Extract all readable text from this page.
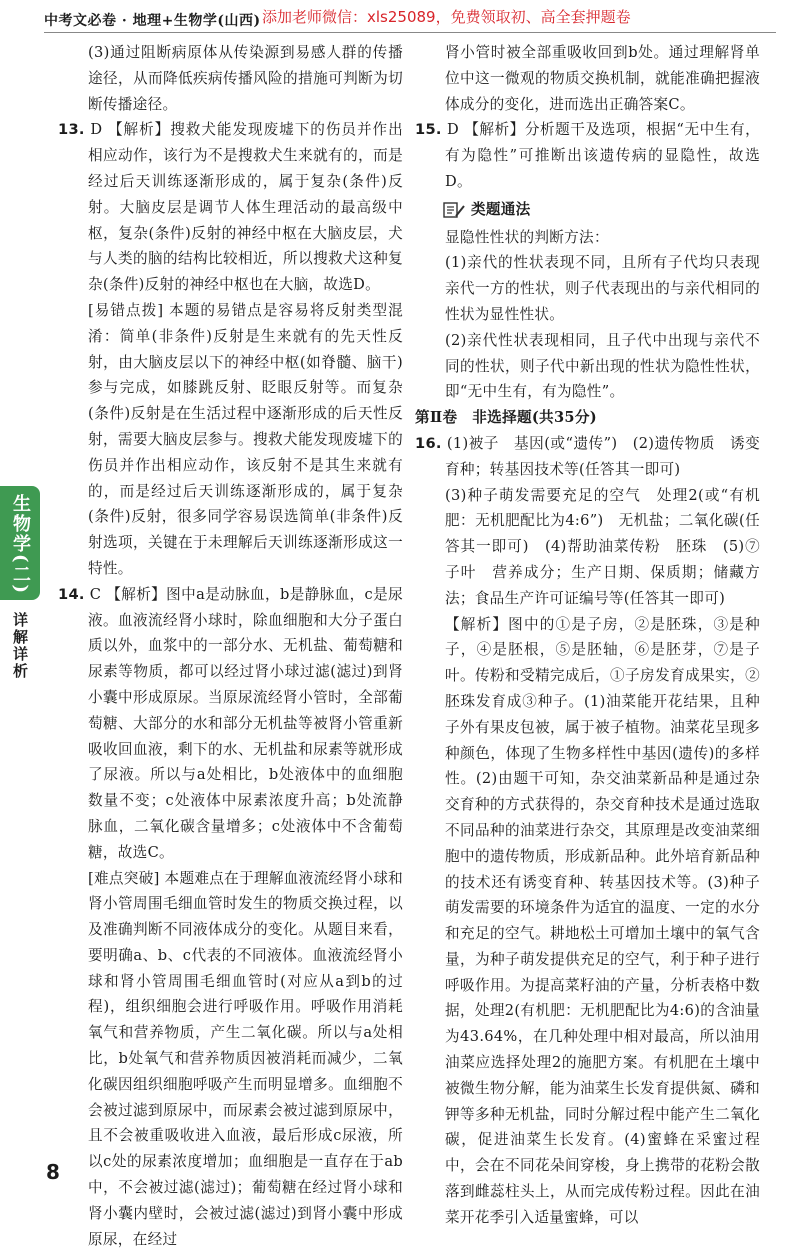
中考文必卷 · 地理+生物学(山西) 添加老师微信：xls25089，免费领取初、高全套押题卷
生物学(二)
详解详析

(3)通过阻断病原体从传染源到易感人群的传播途径，从而降低疾病传播风险的措施可判断为切断传播途径。

13. D 【解析】搜救犬能发现废墟下的伤员并作出相应动作，该行为不是搜救犬生来就有的，而是经过后天训练逐渐形成的，属于复杂(条件)反射。大脑皮层是调节人体生理活动的最高级中枢，复杂(条件)反射的神经中枢在大脑皮层，犬与人类的脑的结构比较相近，所以搜救犬这种复杂(条件)反射的神经中枢也在大脑，故选D。

[易错点拨] 本题的易错点是容易将反射类型混淆：简单(非条件)反射是生来就有的先天性反射，由大脑皮层以下的神经中枢(如脊髓、脑干)参与完成，如膝跳反射、眨眼反射等。而复杂(条件)反射是在生活过程中逐渐形成的后天性反射，需要大脑皮层参与。搜救犬能发现废墟下的伤员并作出相应动作，该反射不是其生来就有的，而是经过后天训练逐渐形成的，属于复杂(条件)反射，很多同学容易误选简单(非条件)反射选项，关键在于未理解后天训练逐渐形成这一特性。

14. C 【解析】图中a是动脉血，b是静脉血，c是尿液。血液流经肾小球时，除血细胞和大分子蛋白质以外，血浆中的一部分水、无机盐、葡萄糖和尿素等物质，都可以经过肾小球过滤(滤过)到肾小囊中形成原尿。当原尿流经肾小管时，全部葡萄糖、大部分的水和部分无机盐等被肾小管重新吸收回血液，剩下的水、无机盐和尿素等就形成了尿液。所以与a处相比，b处液体中的血细胞数量不变；c处液体中尿素浓度升高；b处流静脉血，二氧化碳含量增多；c处液体中不含葡萄糖，故选C。

[难点突破] 本题难点在于理解血液流经肾小球和肾小管周围毛细血管时发生的物质交换过程，以及准确判断不同液体成分的变化。从题目来看，要明确a、b、c代表的不同液体。血液流经肾小球和肾小管周围毛细血管时(对应从a到b的过程)，组织细胞会进行呼吸作用。呼吸作用消耗氧气和营养物质，产生二氧化碳。所以与a处相比，b处氧气和营养物质因被消耗而减少，二氧化碳因组织细胞呼吸产生而明显增多。血细胞不会被过滤到原尿中，而尿素会被过滤到原尿中，且不会被重吸收进入血液，最后形成c尿液，所以c处的尿素浓度增加；血细胞是一直存在于ab中，不会被过滤(滤过)；葡萄糖在经过肾小球和肾小囊内壁时，会被过滤(滤过)到肾小囊中形成原尿，在经过

肾小管时被全部重吸收回到b处。通过理解肾单位中这一微观的物质交换机制，就能准确把握液体成分的变化，进而选出正确答案C。

15. D 【解析】分析题干及选项，根据“无中生有，有为隐性”可推断出该遗传病的显隐性，故选D。

类题通法

显隐性性状的判断方法：

(1)亲代的性状表现不同，且所有子代均只表现亲代一方的性状，则子代表现出的与亲代相同的性状为显性性状。

(2)亲代性状表现相同，且子代中出现与亲代不同的性状，则子代中新出现的性状为隐性性状，即“无中生有，有为隐性”。

第Ⅱ卷　非选择题(共35分)

16. (1)被子　基因(或“遗传”)　(2)遗传物质　诱变育种；转基因技术等(任答其一即可)

(3)种子萌发需要充足的空气　处理2(或“有机肥：无机肥配比为4:6”)　无机盐；二氧化碳(任答其一即可)　(4)帮助油菜传粉　胚珠　(5)⑦子叶　营养成分；生产日期、保质期；储藏方法；食品生产许可证编号等(任答其一即可)

【解析】图中的①是子房，②是胚珠，③是种子，④是胚根，⑤是胚轴，⑥是胚芽，⑦是子叶。传粉和受精完成后，①子房发育成果实，②胚珠发育成③种子。(1)油菜能开花结果，且种子外有果皮包被，属于被子植物。油菜花呈现多种颜色，体现了生物多样性中基因(遗传)的多样性。(2)由题干可知，杂交油菜新品种是通过杂交育种的方式获得的，杂交育种技术是通过选取不同品种的油菜进行杂交，其原理是改变油菜细胞中的遗传物质，形成新品种。此外培育新品种的技术还有诱变育种、转基因技术等。(3)种子萌发需要的环境条件为适宜的温度、一定的水分和充足的空气。耕地松土可增加土壤中的氧气含量，为种子萌发提供充足的空气，利于种子进行呼吸作用。为提高菜籽油的产量，分析表格中数据，处理2(有机肥：无机肥配比为4:6)的含油量为43.64%，在几种处理中相对最高，所以油用油菜应选择处理2的施肥方案。有机肥在土壤中被微生物分解，能为油菜生长发育提供氮、磷和钾等多种无机盐，同时分解过程中能产生二氧化碳，促进油菜生长发育。(4)蜜蜂在采蜜过程中，会在不同花朵间穿梭，身上携带的花粉会散落到雌蕊柱头上，从而完成传粉过程。因此在油菜开花季引入适量蜜蜂，可以

8
